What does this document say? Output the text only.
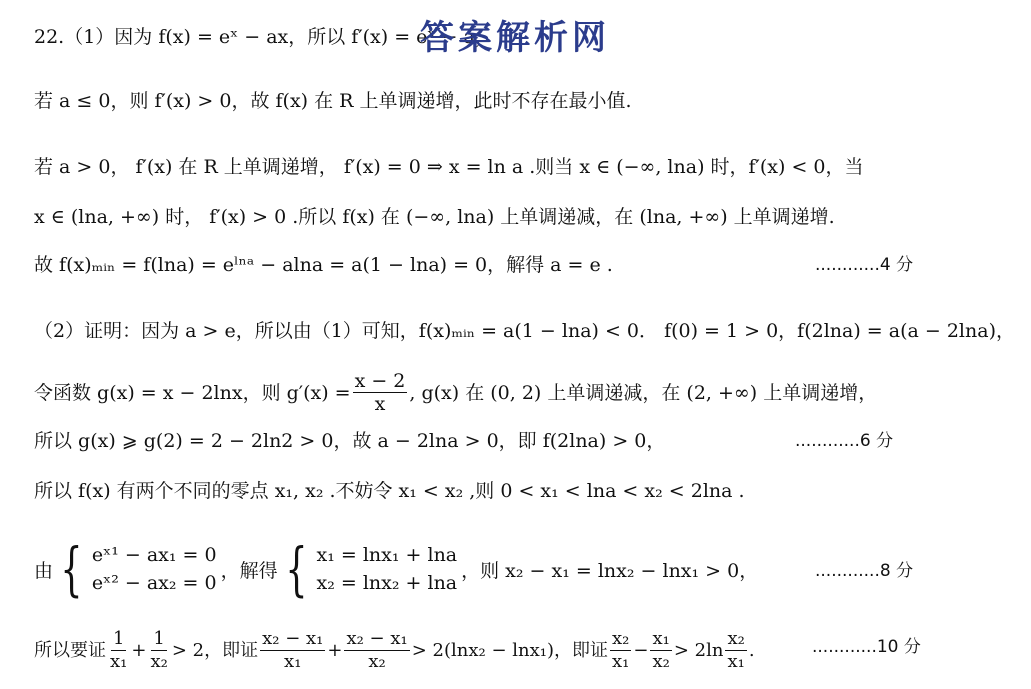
22.（1）因为 f(x) = eˣ − ax，所以 f′(x) = eˣ − a，
答案解析网
若 a ≤ 0，则 f′(x) > 0，故 f(x) 在 R 上单调递增，此时不存在最小值.
若 a > 0， f′(x) 在 R 上单调递增， f′(x) = 0 ⇒ x = ln a .则当 x ∈ (−∞, lna) 时，f′(x) < 0，当
x ∈ (lna, +∞) 时， f′(x) > 0 .所以 f(x) 在 (−∞, lna) 上单调递减，在 (lna, +∞) 上单调递增.
故 f(x)ₘᵢₙ = f(lna) = eˡⁿᵃ − alna = a(1 − lna) = 0，解得 a = e .	............4 分
（2）证明：因为 a > e，所以由（1）可知，f(x)ₘᵢₙ = a(1 − lna) < 0． f(0) = 1 > 0，f(2lna) = a(a − 2lna)，
令函数 g(x) = x − 2lnx，则 $g'(x) = \frac{x - 2}{x}$ , g(x) 在 (0, 2) 上单调递减，在 (2, +∞) 上单调递增，
所以 g(x) ⩾ g(2) = 2 − 2ln2 > 0，故 a − 2lna > 0，即 f(2lna) > 0，	............6 分
所以 f(x) 有两个不同的零点 x₁, x₂ .不妨令 x₁ < x₂ ,则 0 < x₁ < lna < x₂ < 2lna .
由 { eˣ¹ − ax₁ = 0
eˣ² − ax₂ = 0
，解得 { x₁ = lnx₁ + lna
x₂ = lnx₂ + lna
，则 x₂ − x₁ = lnx₂ − lnx₁ > 0，	............8 分
所以要证 $\frac{1}{\text{x₁}} + \frac{1}{\text{x₂}} > 2$，即证 $\frac{\text{x₂ − x₁}}{\text{x₁}} + \frac{\text{x₂ − x₁}}{\text{x₂}} > 2(\ln x_2 - \ln x_1)$，即证 $\frac{\text{x₂}}{\text{x₁}} - \frac{\text{x₁}}{\text{x₂}} > 2\ln \frac{\text{x₂}}{\text{x₁}}$ .	............10 分
